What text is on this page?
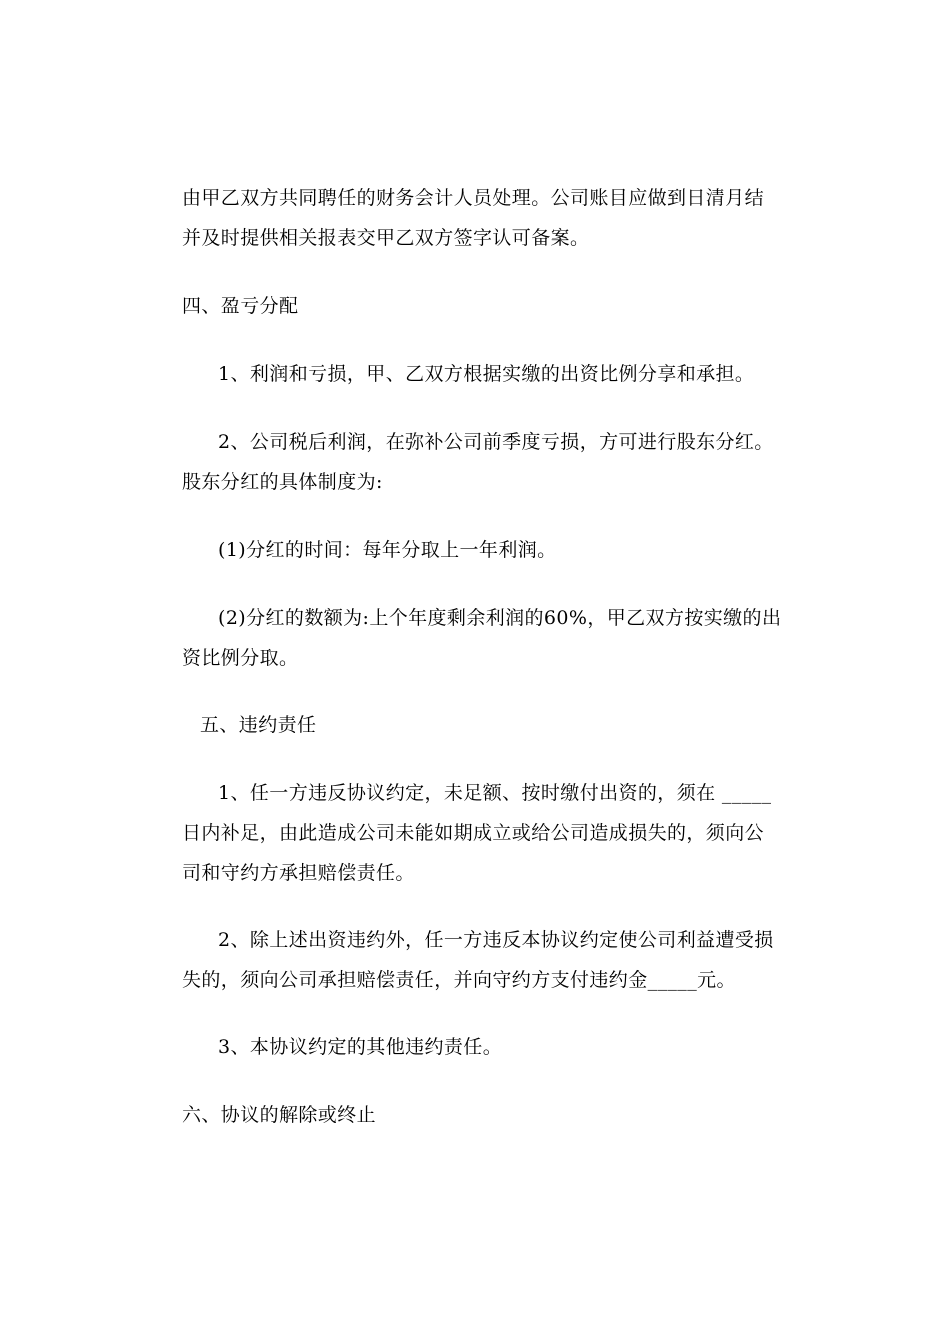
由甲乙双方共同聘任的财务会计人员处理。公司账目应做到日清月结
并及时提供相关报表交甲乙双方签字认可备案。
四、盈亏分配
1、利润和亏损，甲、乙双方根据实缴的出资比例分享和承担。
2、公司税后利润，在弥补公司前季度亏损，方可进行股东分红。
股东分红的具体制度为:
(1)分红的时间：每年分取上一年利润。
(2)分红的数额为:上个年度剩余利润的60%，甲乙双方按实缴的出
资比例分取。
五、违约责任
1、任一方违反协议约定，未足额、按时缴付出资的，须在 _____
日内补足，由此造成公司未能如期成立或给公司造成损失的，须向公
司和守约方承担赔偿责任。
2、除上述出资违约外，任一方违反本协议约定使公司利益遭受损
失的，须向公司承担赔偿责任，并向守约方支付违约金_____元。
3、本协议约定的其他违约责任。
六、协议的解除或终止
